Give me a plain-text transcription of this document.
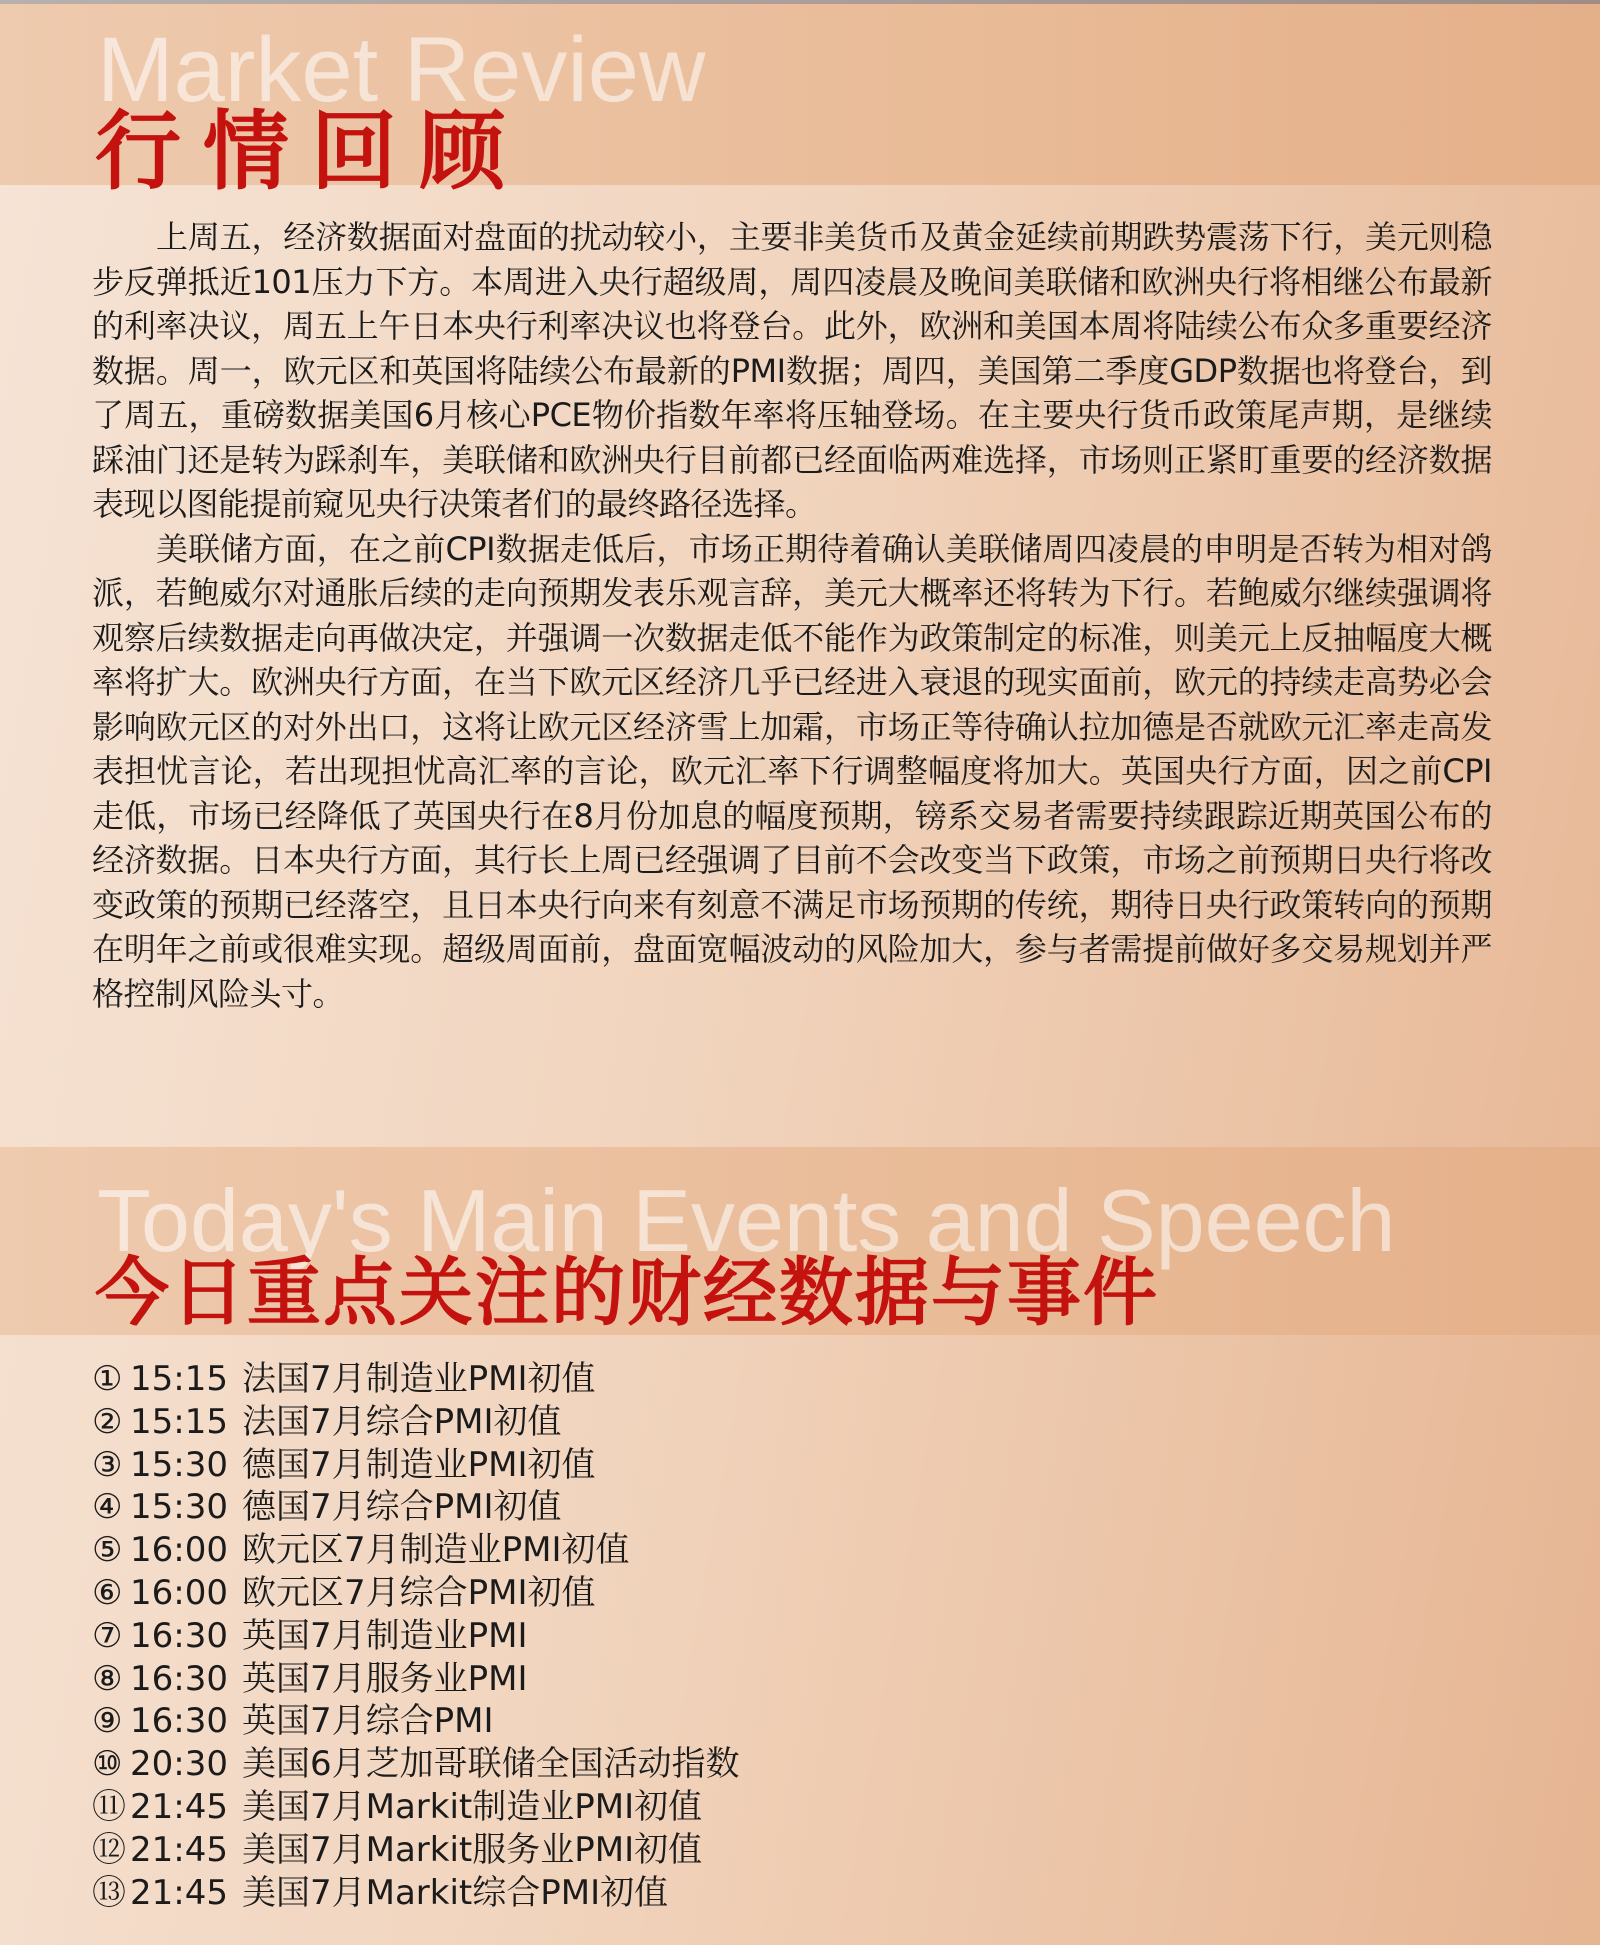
Market Review
行情回顾

上周五，经济数据面对盘面的扰动较小，主要非美货币及黄金延续前期跌势震荡下行，美元则稳步反弹抵近101压力下方。本周进入央行超级周，周四凌晨及晚间美联储和欧洲央行将相继公布最新的利率决议，周五上午日本央行利率决议也将登台。此外，欧洲和美国本周将陆续公布众多重要经济数据。周一，欧元区和英国将陆续公布最新的PMI数据；周四，美国第二季度GDP数据也将登台，到了周五，重磅数据美国6月核心PCE物价指数年率将压轴登场。在主要央行货币政策尾声期，是继续踩油门还是转为踩刹车，美联储和欧洲央行目前都已经面临两难选择，市场则正紧盯重要的经济数据表现以图能提前窥见央行决策者们的最终路径选择。

美联储方面，在之前CPI数据走低后，市场正期待着确认美联储周四凌晨的申明是否转为相对鸽派，若鲍威尔对通胀后续的走向预期发表乐观言辞，美元大概率还将转为下行。若鲍威尔继续强调将观察后续数据走向再做决定，并强调一次数据走低不能作为政策制定的标准，则美元上反抽幅度大概率将扩大。欧洲央行方面，在当下欧元区经济几乎已经进入衰退的现实面前，欧元的持续走高势必会影响欧元区的对外出口，这将让欧元区经济雪上加霜，市场正等待确认拉加德是否就欧元汇率走高发表担忧言论，若出现担忧高汇率的言论，欧元汇率下行调整幅度将加大。英国央行方面，因之前CPI走低，市场已经降低了英国央行在8月份加息的幅度预期，镑系交易者需要持续跟踪近期英国公布的经济数据。日本央行方面，其行长上周已经强调了目前不会改变当下政策，市场之前预期日央行将改变政策的预期已经落空，且日本央行向来有刻意不满足市场预期的传统，期待日央行政策转向的预期在明年之前或很难实现。超级周面前，盘面宽幅波动的风险加大，参与者需提前做好多交易规划并严格控制风险头寸。

Today's Main Events and Speech
今日重点关注的财经数据与事件
① 15:15 法国7月制造业PMI初值
② 15:15 法国7月综合PMI初值
③ 15:30 德国7月制造业PMI初值
④ 15:30 德国7月综合PMI初值
⑤ 16:00 欧元区7月制造业PMI初值
⑥ 16:00 欧元区7月综合PMI初值
⑦ 16:30 英国7月制造业PMI
⑧ 16:30 英国7月服务业PMI
⑨ 16:30 英国7月综合PMI
⑩ 20:30 美国6月芝加哥联储全国活动指数
⑪ 21:45 美国7月Markit制造业PMI初值
⑫ 21:45 美国7月Markit服务业PMI初值
⑬ 21:45 美国7月Markit综合PMI初值
